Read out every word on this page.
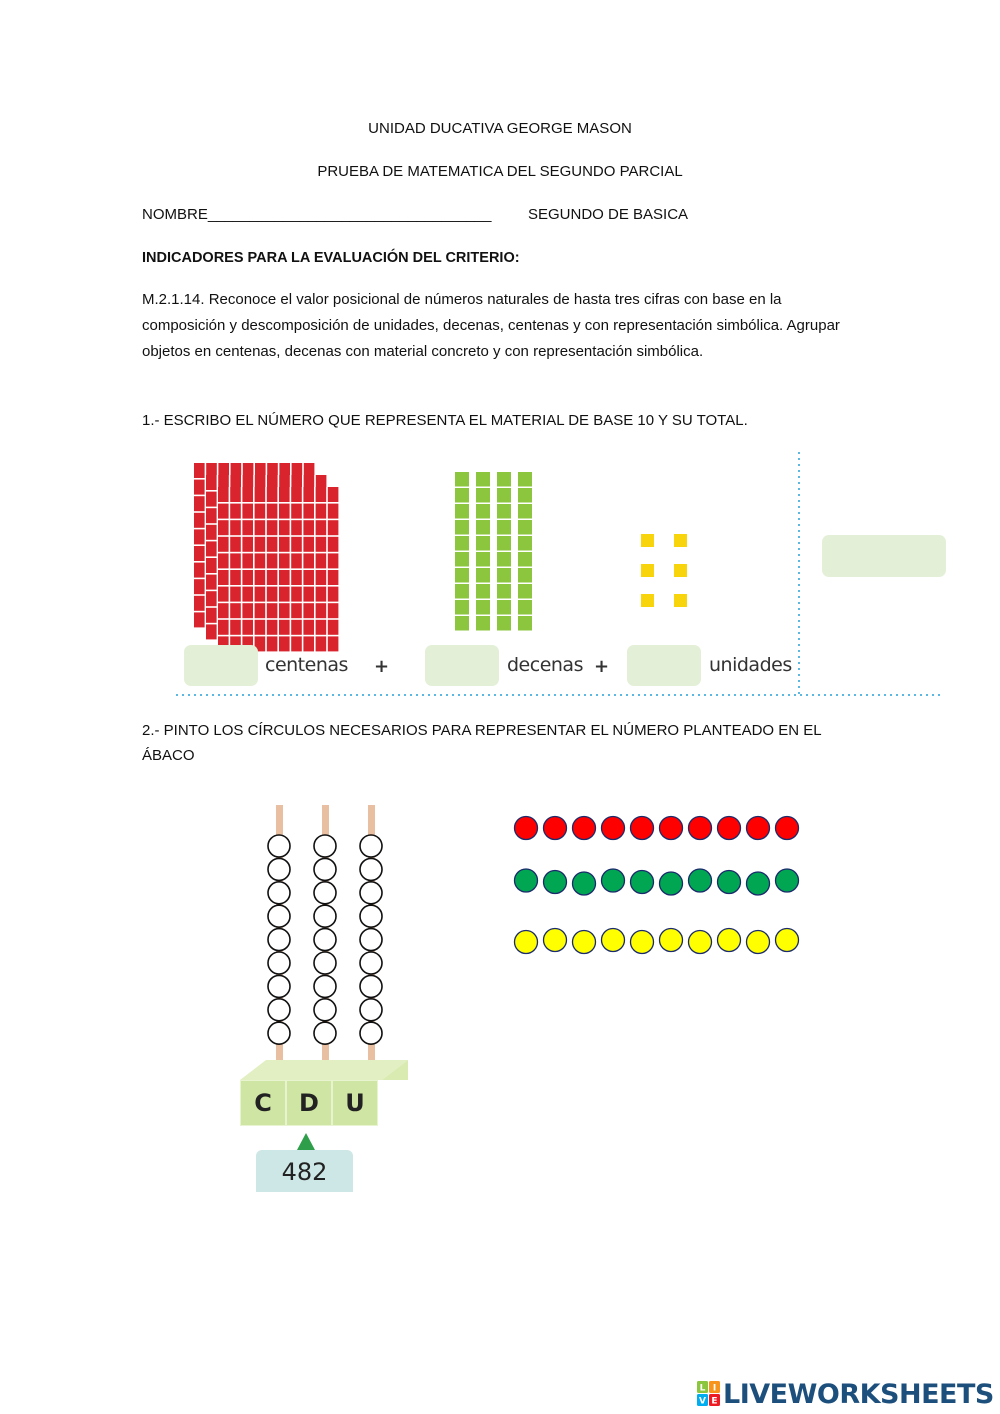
UNIDAD DUCATIVA GEORGE MASON
PRUEBA DE MATEMATICA DEL SEGUNDO PARCIAL
NOMBRE__________________________________ SEGUNDO DE BASICA
INDICADORES PARA LA EVALUACIÓN DEL CRITERIO:
M.2.1.14. Reconoce el valor posicional de números naturales de hasta tres cifras con base en la composición y descomposición de unidades, decenas, centenas y con representación simbólica. Agrupar objetos en centenas, decenas con material concreto y con representación simbólica.
1.- ESCRIBO EL NÚMERO QUE REPRESENTA EL MATERIAL DE BASE 10 Y SU TOTAL.
centenas +	decenas +	unidades
2.- PINTO LOS CÍRCULOS NECESARIOS PARA REPRESENTAR EL NÚMERO PLANTEADO EN EL
ÁBACO
C	D	U
482
L I
V E LIVEWORKSHEETS
